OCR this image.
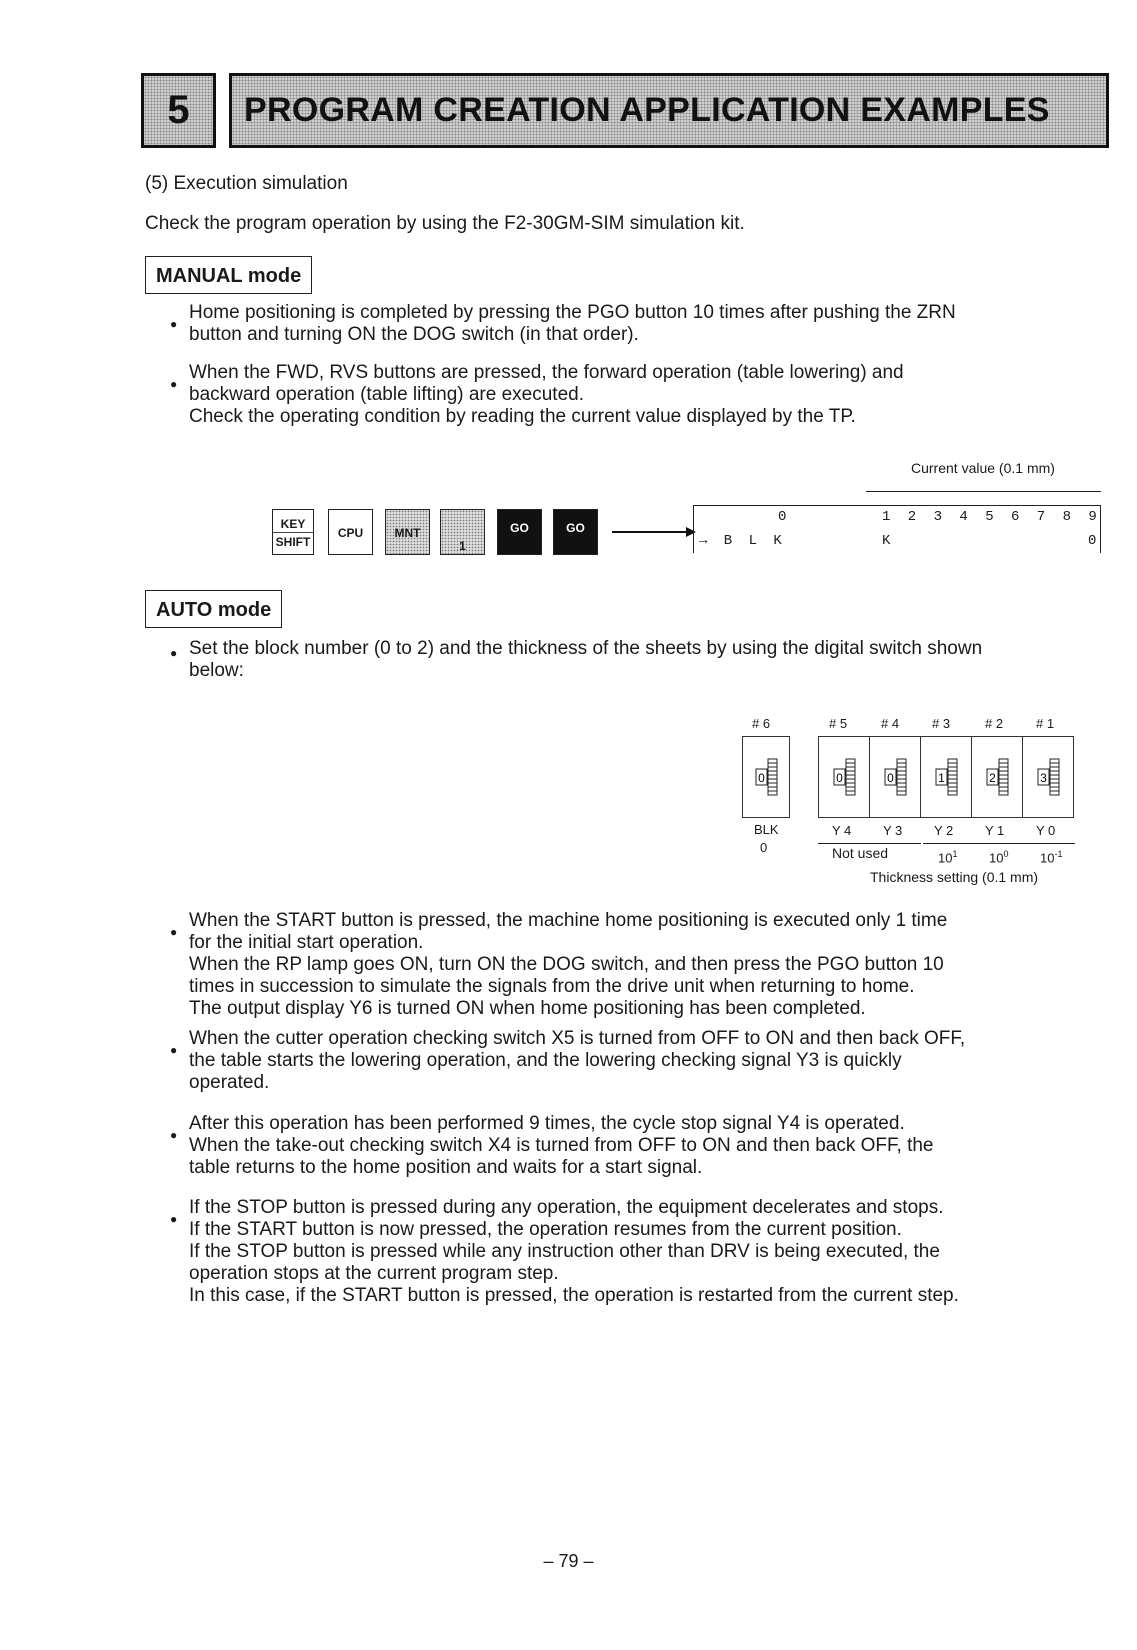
5	PROGRAM CREATION APPLICATION EXAMPLES
(5) Execution simulation
Check the program operation by using the F2-30GM-SIM simulation kit.
MANUAL mode
●

Home positioning is completed by pressing the PGO button 10 times after pushing the ZRN

button and turning ON the DOG switch (in that order).

●

When the FWD, RVS buttons are pressed, the forward operation (table lowering) and

backward operation (table lifting) are executed.

Check the operating condition by reading the current value displayed by the TP.

Current value (0.1 mm)
KEY
SHIFT
CPU	MNT
1
GO	GO
0	1 2 3 4 5 6 7 8 9
→ B L K	K	0
AUTO mode
● Set the block number (0 to 2) and the thickness of the sheets by using the digital switch shown

below:

# 6	# 5	# 4	# 3	# 2	# 1
0	0	0	1	2	3
BLK
0
Y 4 Y 3 Y 2 Y 1 Y 0
Not used	$10^1$ $10^0$ $10^{-1}$
Thickness setting (0.1 mm)
●

When the START button is pressed, the machine home positioning is executed only 1 time

for the initial start operation.

When the RP lamp goes ON, turn ON the DOG switch, and then press the PGO button 10

times in succession to simulate the signals from the drive unit when returning to home.

The output display Y6 is turned ON when home positioning has been completed.

●

When the cutter operation checking switch X5 is turned from OFF to ON and then back OFF,

the table starts the lowering operation, and the lowering checking signal Y3 is quickly

operated.

●

After this operation has been performed 9 times, the cycle stop signal Y4 is operated.

When the take-out checking switch X4 is turned from OFF to ON and then back OFF, the

table returns to the home position and waits for a start signal.

●

If the STOP button is pressed during any operation, the equipment decelerates and stops.

If the START button is now pressed, the operation resumes from the current position.

If the STOP button is pressed while any instruction other than DRV is being executed, the

operation stops at the current program step.

In this case, if the START button is pressed, the operation is restarted from the current step.

– 79 –
